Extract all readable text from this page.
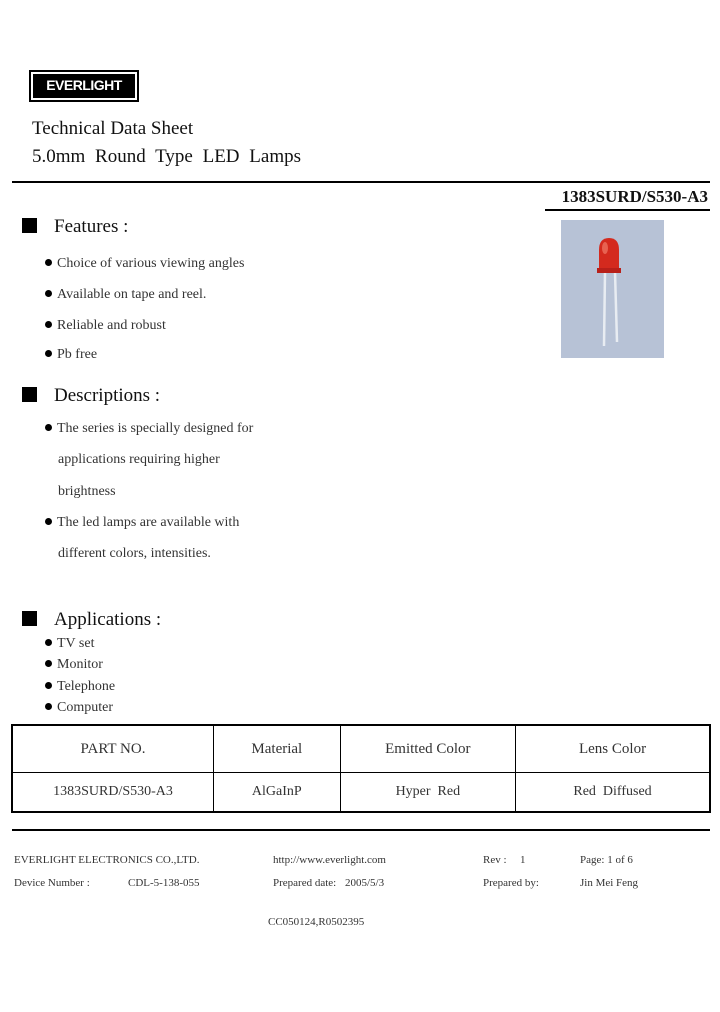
EVERLIGHT
Technical Data Sheet
5.0mm Round Type LED Lamps
1383SURD/S530-A3
Features :
Choice of various viewing angles
Available on tape and reel.
Reliable and robust
Pb free
Descriptions :
The series is specially designed for
applications requiring higher
brightness
The led lamps are available with
different colors, intensities.
Applications :
TV set
Monitor
Telephone
Computer
PART NO.	Material	Emitted Color	Lens Color
1383SURD/S530-A3	AlGaInP	Hyper  Red	Red  Diffused
EVERLIGHT ELECTRONICS CO.,LTD.	http://www.everlight.com	Rev : 1	Page: 1 of 6
Device Number :	CDL-5-138-055	Prepared date: 2005/5/3	Prepared by:	Jin Mei Feng
CC050124,R0502395
